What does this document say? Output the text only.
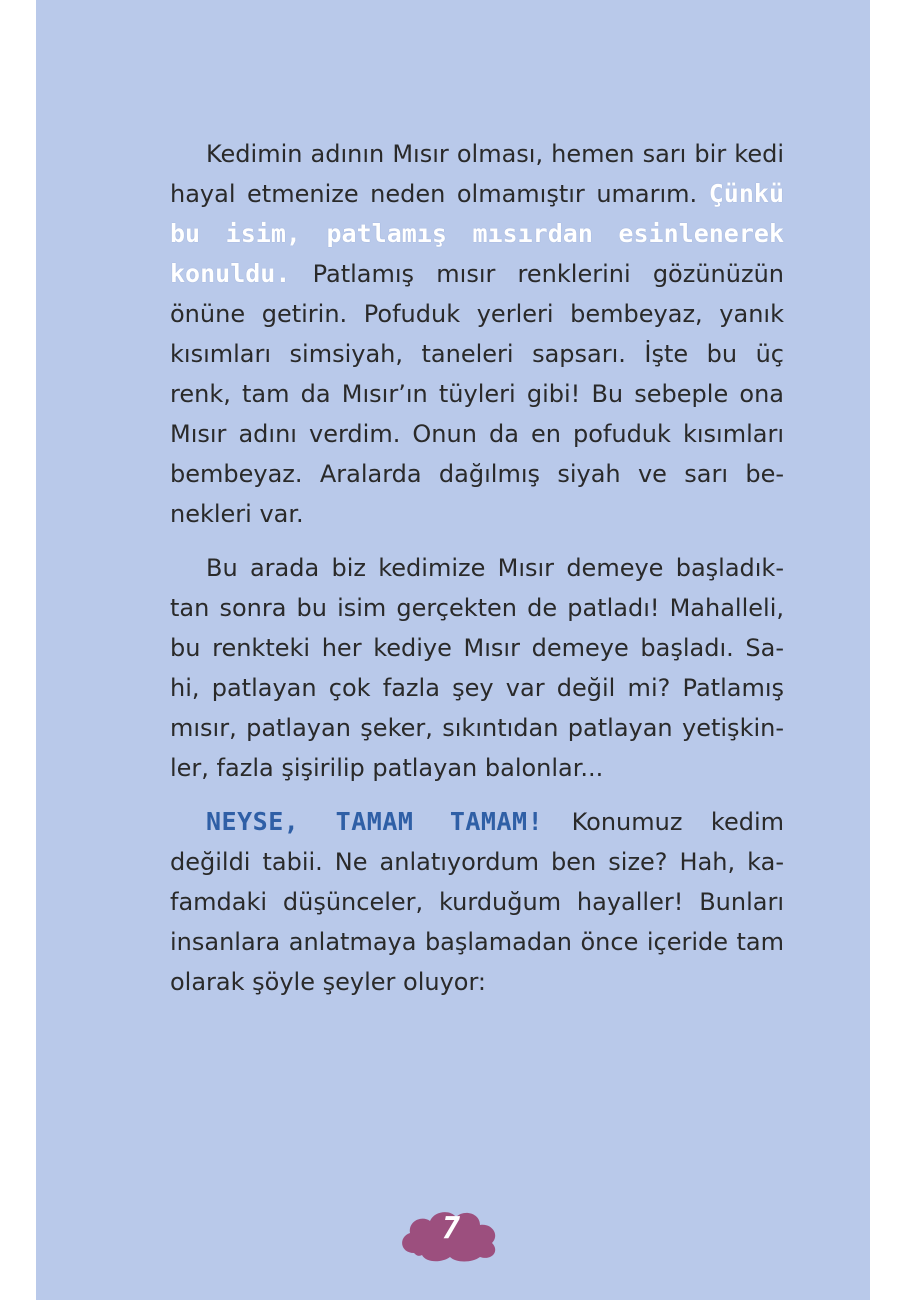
Kedimin adının Mısır olması, hemen sarı bir kedi hayal etmenize neden olmamıştır umarım. Çünkü bu isim, patlamış mısırdan esinlenerek konuldu. Patlamış mısır renklerini gözünüzün önüne getirin. Pofuduk yerleri bembeyaz, yanık kısımları simsiyah, taneleri sapsarı. İşte bu üç renk, tam da Mısır’ın tüyleri gibi! Bu sebeple ona Mısır adını verdim. Onun da en pofuduk kısımları bembeyaz. Aralarda dağılmış siyah ve sarı be-nekleri var.

Bu arada biz kedimize Mısır demeye başladık-tan sonra bu isim gerçekten de patladı! Mahalleli, bu renkteki her kediye Mısır demeye başladı. Sa-hi, patlayan çok fazla şey var değil mi? Patlamış mısır, patlayan şeker, sıkıntıdan patlayan yetişkin-ler, fazla şişirilip patlayan balonlar...

NEYSE, TAMAM TAMAM! Konumuz kedim değildi tabii. Ne anlatıyordum ben size? Hah, ka-famdaki düşünceler, kurduğum hayaller! Bunları insanlara anlatmaya başlamadan önce içeride tam olarak şöyle şeyler oluyor:

7
